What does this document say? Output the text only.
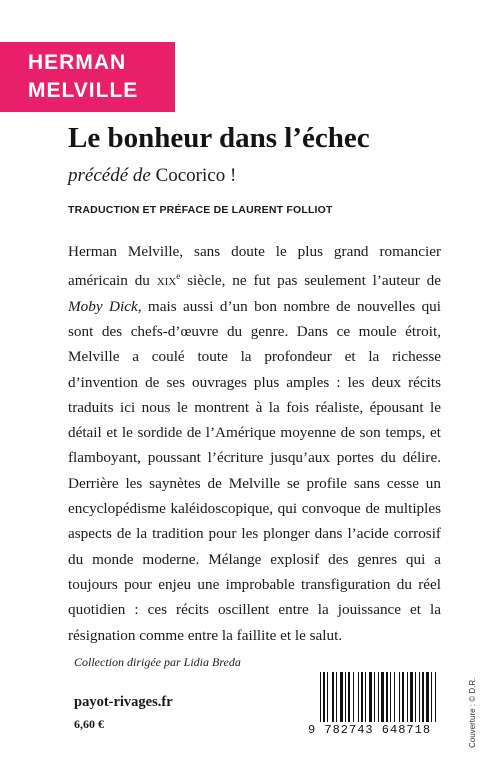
HERMAN
MELVILLE
Le bonheur dans l’échec
précédé de Cocorico !
TRADUCTION ET PRÉFACE DE LAURENT FOLLIOT

Herman Melville, sans doute le plus grand romancier américain du xix$^e$ siècle, ne fut pas seulement l’auteur de Moby Dick, mais aussi d’un bon nombre de nouvelles qui sont des chefs-d’œuvre du genre. Dans ce moule étroit, Melville a coulé toute la profondeur et la richesse d’invention de ses ouvrages plus amples : les deux récits traduits ici nous le montrent à la fois réaliste, épousant le détail et le sordide de l’Amérique moyenne de son temps, et flamboyant, poussant l’écriture jusqu’aux portes du délire. Derrière les saynètes de Melville se profile sans cesse un encyclopédisme kaléidoscopique, qui convoque de multiples aspects de la tradition pour les plonger dans l’acide corrosif du monde moderne. Mélange explosif des genres qui a toujours pour enjeu une improbable transfiguration du réel quotidien : ces récits oscillent entre la jouissance et la résignation comme entre la faillite et le salut.

Collection dirigée par Lidia Breda
payot-rivages.fr
6,60 €	9 782743 648718	Couverture : © D.R.
